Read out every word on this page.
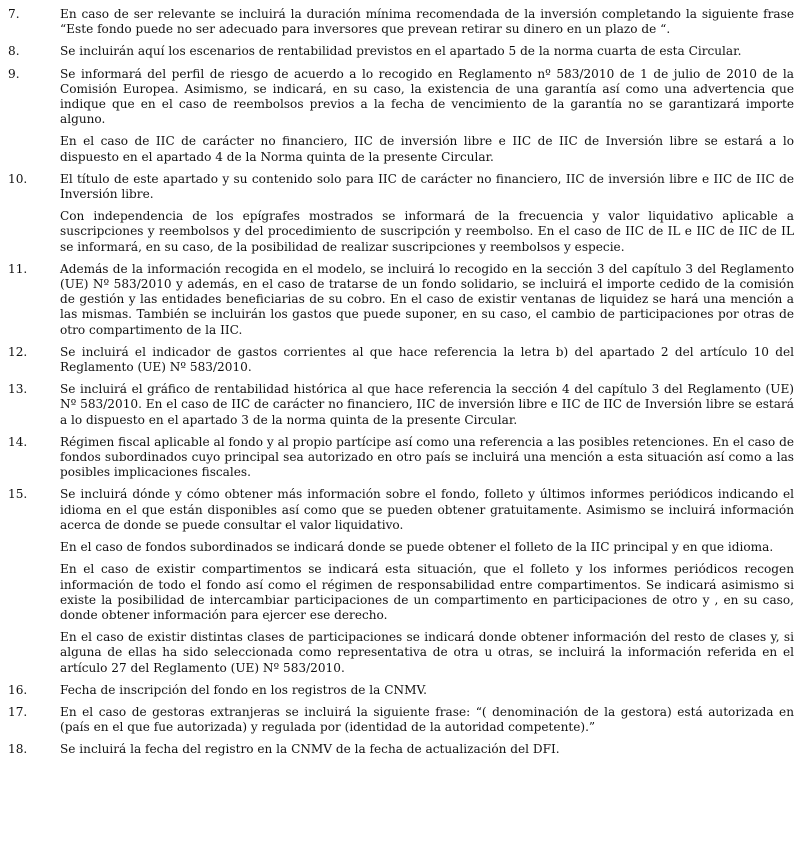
7.	En caso de ser relevante se incluirá la duración mínima recomendada de la inversión completando la siguiente frase “Este fondo puede no ser adecuado para inversores que prevean retirar su dinero en un plazo de “.

8.	Se incluirán aquí los escenarios de rentabilidad previstos en el apartado 5 de la norma cuarta de esta Circular.

9.	Se informará del perfil de riesgo de acuerdo a lo recogido en Reglamento nº 583/2010 de 1 de julio de 2010 de la Comisión Europea. Asimismo, se indicará, en su caso, la existencia de una garantía así como una advertencia que indique que en el caso de reembolsos previos a la fecha de vencimiento de la garantía no se garantizará importe alguno.

En el caso de IIC de carácter no financiero, IIC de inversión libre e IIC de IIC de Inversión libre se estará a lo dispuesto en el apartado 4 de la Norma quinta de la presente Circular.

10.	El título de este apartado y su contenido solo para IIC de carácter no financiero, IIC de inversión libre e IIC de IIC de Inversión libre.

Con independencia de los epígrafes mostrados se informará de la frecuencia y valor liquidativo aplicable a suscripciones y reembolsos y del procedimiento de suscripción y reembolso. En el caso de IIC de IL e IIC de IIC de IL se informará, en su caso, de la posibilidad de realizar suscripciones y reembolsos y especie.

11.	Además de la información recogida en el modelo, se incluirá lo recogido en la sección 3 del capítulo 3 del Reglamento (UE) Nº 583/2010 y además, en el caso de tratarse de un fondo solidario, se incluirá el importe cedido de la comisión de gestión y las entidades beneficiarias de su cobro. En el caso de existir ventanas de liquidez se hará una mención a las mismas. También se incluirán los gastos que puede suponer, en su caso, el cambio de participaciones por otras de otro compartimento de la IIC.

12.	Se incluirá el indicador de gastos corrientes al que hace referencia la letra b) del apartado 2 del artículo 10 del Reglamento (UE) Nº 583/2010.

13.	Se incluirá el gráfico de rentabilidad histórica al que hace referencia la sección 4 del capítulo 3 del Reglamento (UE) Nº 583/2010. En el caso de IIC de carácter no financiero, IIC de inversión libre e IIC de IIC de Inversión libre se estará a lo dispuesto en el apartado 3 de la norma quinta de la presente Circular.

14.	Régimen fiscal aplicable al fondo y al propio partícipe así como una referencia a las posibles retenciones. En el caso de fondos subordinados cuyo principal sea autorizado en otro país se incluirá una mención a esta situación así como a las posibles implicaciones fiscales.

15.	Se incluirá dónde y cómo obtener más información sobre el fondo, folleto y últimos informes periódicos indicando el idioma en el que están disponibles así como que se pueden obtener gratuitamente. Asimismo se incluirá información acerca de donde se puede consultar el valor liquidativo.

En el caso de fondos subordinados se indicará donde se puede obtener el folleto de la IIC principal y en que idioma.

En el caso de existir compartimentos se indicará esta situación, que el folleto y los informes periódicos recogen información de todo el fondo así como el régimen de responsabilidad entre compartimentos. Se indicará asimismo si existe la posibilidad de intercambiar participaciones de un compartimento en participaciones de otro y , en su caso, donde obtener información para ejercer ese derecho.

En el caso de existir distintas clases de participaciones se indicará donde obtener información del resto de clases y, si alguna de ellas ha sido seleccionada como representativa de otra u otras, se incluirá la información referida en el artículo 27 del Reglamento (UE) Nº 583/2010.

16.	Fecha de inscripción del fondo en los registros de la CNMV.

17.	En el caso de gestoras extranjeras se incluirá la siguiente frase: “( denominación de la gestora) está autorizada en (país en el que fue autorizada) y regulada por (identidad de la autoridad competente).”

18.	Se incluirá la fecha del registro en la CNMV de la fecha de actualización del DFI.
